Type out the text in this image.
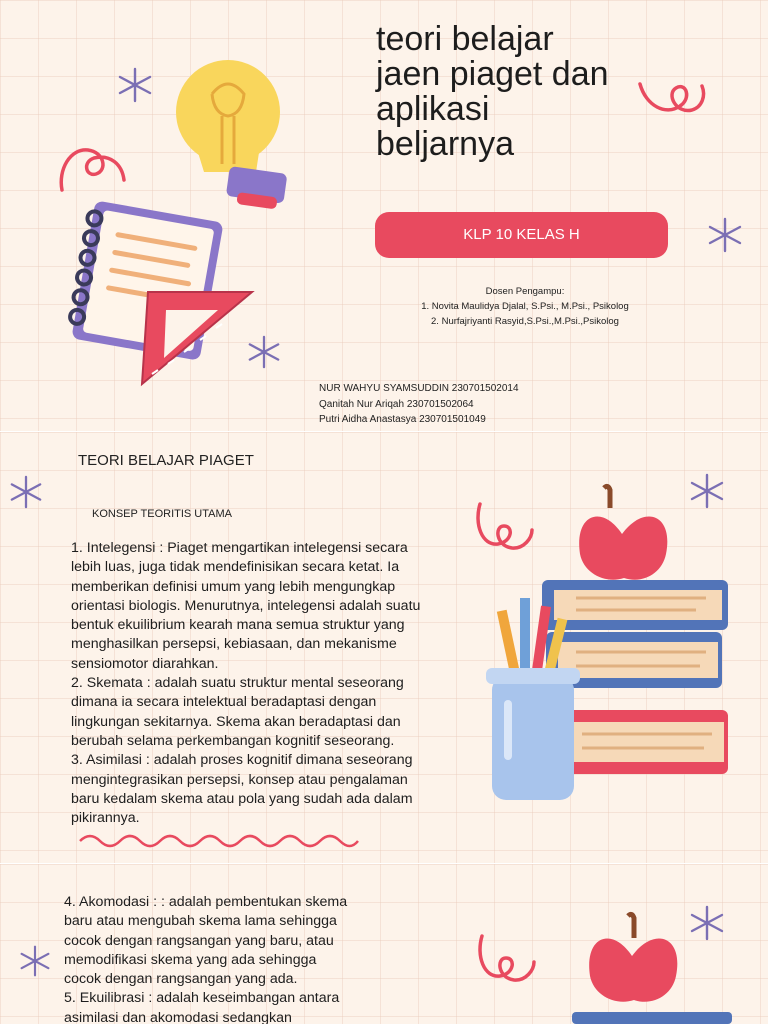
teori belajar
jaen piaget dan
aplikasi
beljarnya
KLP 10 KELAS H
Dosen Pengampu:
1. Novita Maulidya Djalal, S.Psi., M.Psi., Psikolog
2. Nurfajriyanti Rasyid,S.Psi.,M.Psi.,Psikolog
NUR WAHYU SYAMSUDDIN 230701502014
Qanitah Nur Ariqah 230701502064
Putri Aidha Anastasya 230701501049
TEORI BELAJAR PIAGET
KONSEP TEORITIS UTAMA
1. Intelegensi : Piaget mengartikan intelegensi secara
lebih luas, juga tidak mendefinisikan secara ketat. Ia
memberikan definisi umum yang lebih mengungkap
orientasi biologis. Menurutnya, intelegensi adalah suatu
bentuk ekuilibrium kearah mana semua struktur yang
menghasilkan persepsi, kebiasaan, dan mekanisme
sensiomotor diarahkan.
2. Skemata : adalah suatu struktur mental seseorang
dimana ia secara intelektual beradaptasi dengan
lingkungan sekitarnya. Skema akan beradaptasi dan
berubah selama perkembangan kognitif seseorang.
3. Asimilasi : adalah proses kognitif dimana seseorang
mengintegrasikan persepsi, konsep atau pengalaman
baru kedalam skema atau pola yang sudah ada dalam
pikirannya.
4. Akomodasi : : adalah pembentukan skema
baru atau mengubah skema lama sehingga
cocok dengan rangsangan yang baru, atau
memodifikasi skema yang ada sehingga
cocok dengan rangsangan yang ada.
5. Ekuilibrasi : adalah keseimbangan antara
asimilasi dan akomodasi sedangkan
